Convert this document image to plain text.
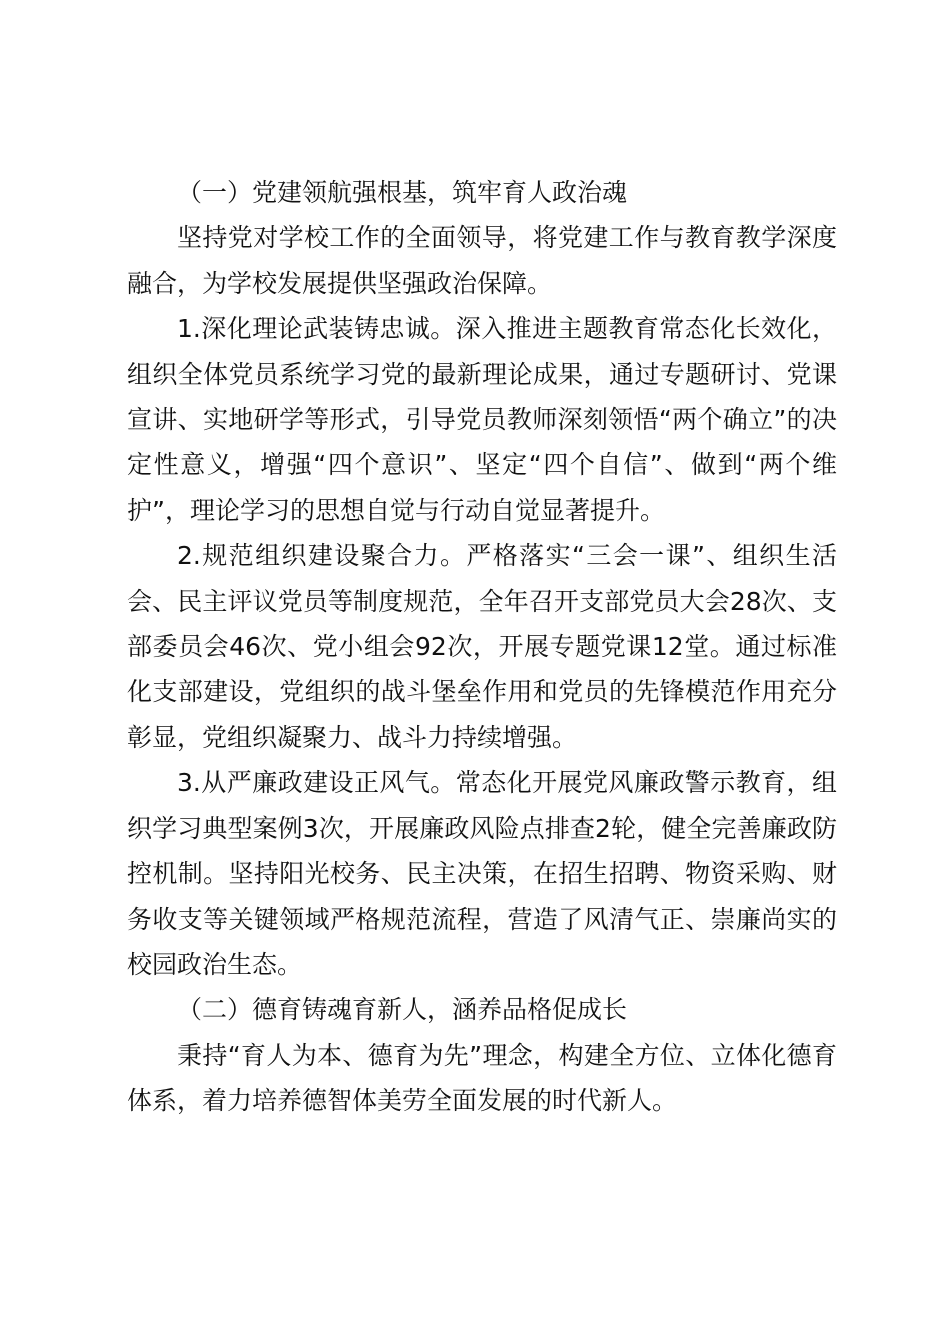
（一）党建领航强根基，筑牢育人政治魂

坚持党对学校工作的全面领导，将党建工作与教育教学深度融合，为学校发展提供坚强政治保障。

1.深化理论武装铸忠诚。深入推进主题教育常态化长效化，组织全体党员系统学习党的最新理论成果，通过专题研讨、党课宣讲、实地研学等形式，引导党员教师深刻领悟“两个确立”的决定性意义，增强“四个意识”、坚定“四个自信”、做到“两个维护”，理论学习的思想自觉与行动自觉显著提升。

2.规范组织建设聚合力。严格落实“三会一课”、组织生活会、民主评议党员等制度规范，全年召开支部党员大会28次、支部委员会46次、党小组会92次，开展专题党课12堂。通过标准化支部建设，党组织的战斗堡垒作用和党员的先锋模范作用充分彰显，党组织凝聚力、战斗力持续增强。

3.从严廉政建设正风气。常态化开展党风廉政警示教育，组织学习典型案例3次，开展廉政风险点排查2轮，健全完善廉政防控机制。坚持阳光校务、民主决策，在招生招聘、物资采购、财务收支等关键领域严格规范流程，营造了风清气正、崇廉尚实的校园政治生态。

（二）德育铸魂育新人，涵养品格促成长

秉持“育人为本、德育为先”理念，构建全方位、立体化德育体系，着力培养德智体美劳全面发展的时代新人。
